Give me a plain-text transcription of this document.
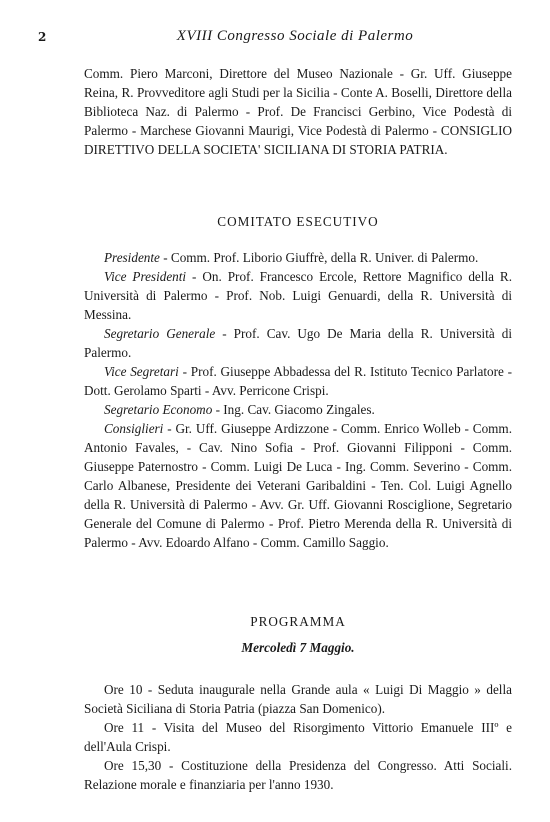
2	XVIII Congresso Sociale di Palermo

Comm. Piero Marconi, Direttore del Museo Nazionale - Gr. Uff. Giuseppe Reina, R. Provveditore agli Studi per la Sicilia - Conte A. Boselli, Direttore della Biblioteca Naz. di Palermo - Prof. De Francisci Gerbino, Vice Podestà di Palermo - Marchese Giovanni Maurigi, Vice Podestà di Palermo - CONSIGLIO DIRETTIVO DELLA SOCIETA' SICILIANA DI STORIA PATRIA.

COMITATO ESECUTIVO

Presidente - Comm. Prof. Liborio Giuffrè, della R. Univer. di Palermo.

Vice Presidenti - On. Prof. Francesco Ercole, Rettore Magnifico della R. Università di Palermo - Prof. Nob. Luigi Genuardi, della R. Università di Messina.

Segretario Generale - Prof. Cav. Ugo De Maria della R. Università di Palermo.

Vice Segretari - Prof. Giuseppe Abbadessa del R. Istituto Tecnico Parlatore - Dott. Gerolamo Sparti - Avv. Perricone Crispi.

Segretario Economo - Ing. Cav. Giacomo Zingales.

Consiglieri - Gr. Uff. Giuseppe Ardizzone - Comm. Enrico Wolleb - Comm. Antonio Favales, - Cav. Nino Sofia - Prof. Giovanni Filipponi - Comm. Giuseppe Paternostro - Comm. Luigi De Luca - Ing. Comm. Severino - Comm. Carlo Albanese, Presidente dei Veterani Garibaldini - Ten. Col. Luigi Agnello della R. Università di Palermo - Avv. Gr. Uff. Giovanni Rosciglione, Segretario Generale del Comune di Palermo - Prof. Pietro Merenda della R. Università di Palermo - Avv. Edoardo Alfano - Comm. Camillo Saggio.

PROGRAMMA
Mercoledì 7 Maggio.

Ore 10 - Seduta inaugurale nella Grande aula « Luigi Di Maggio » della Società Siciliana di Storia Patria (piazza San Domenico).

Ore 11 - Visita del Museo del Risorgimento Vittorio Emanuele IIIº e dell'Aula Crispi.

Ore 15,30 - Costituzione della Presidenza del Congresso. Atti Sociali. Relazione morale e finanziaria per l'anno 1930.
